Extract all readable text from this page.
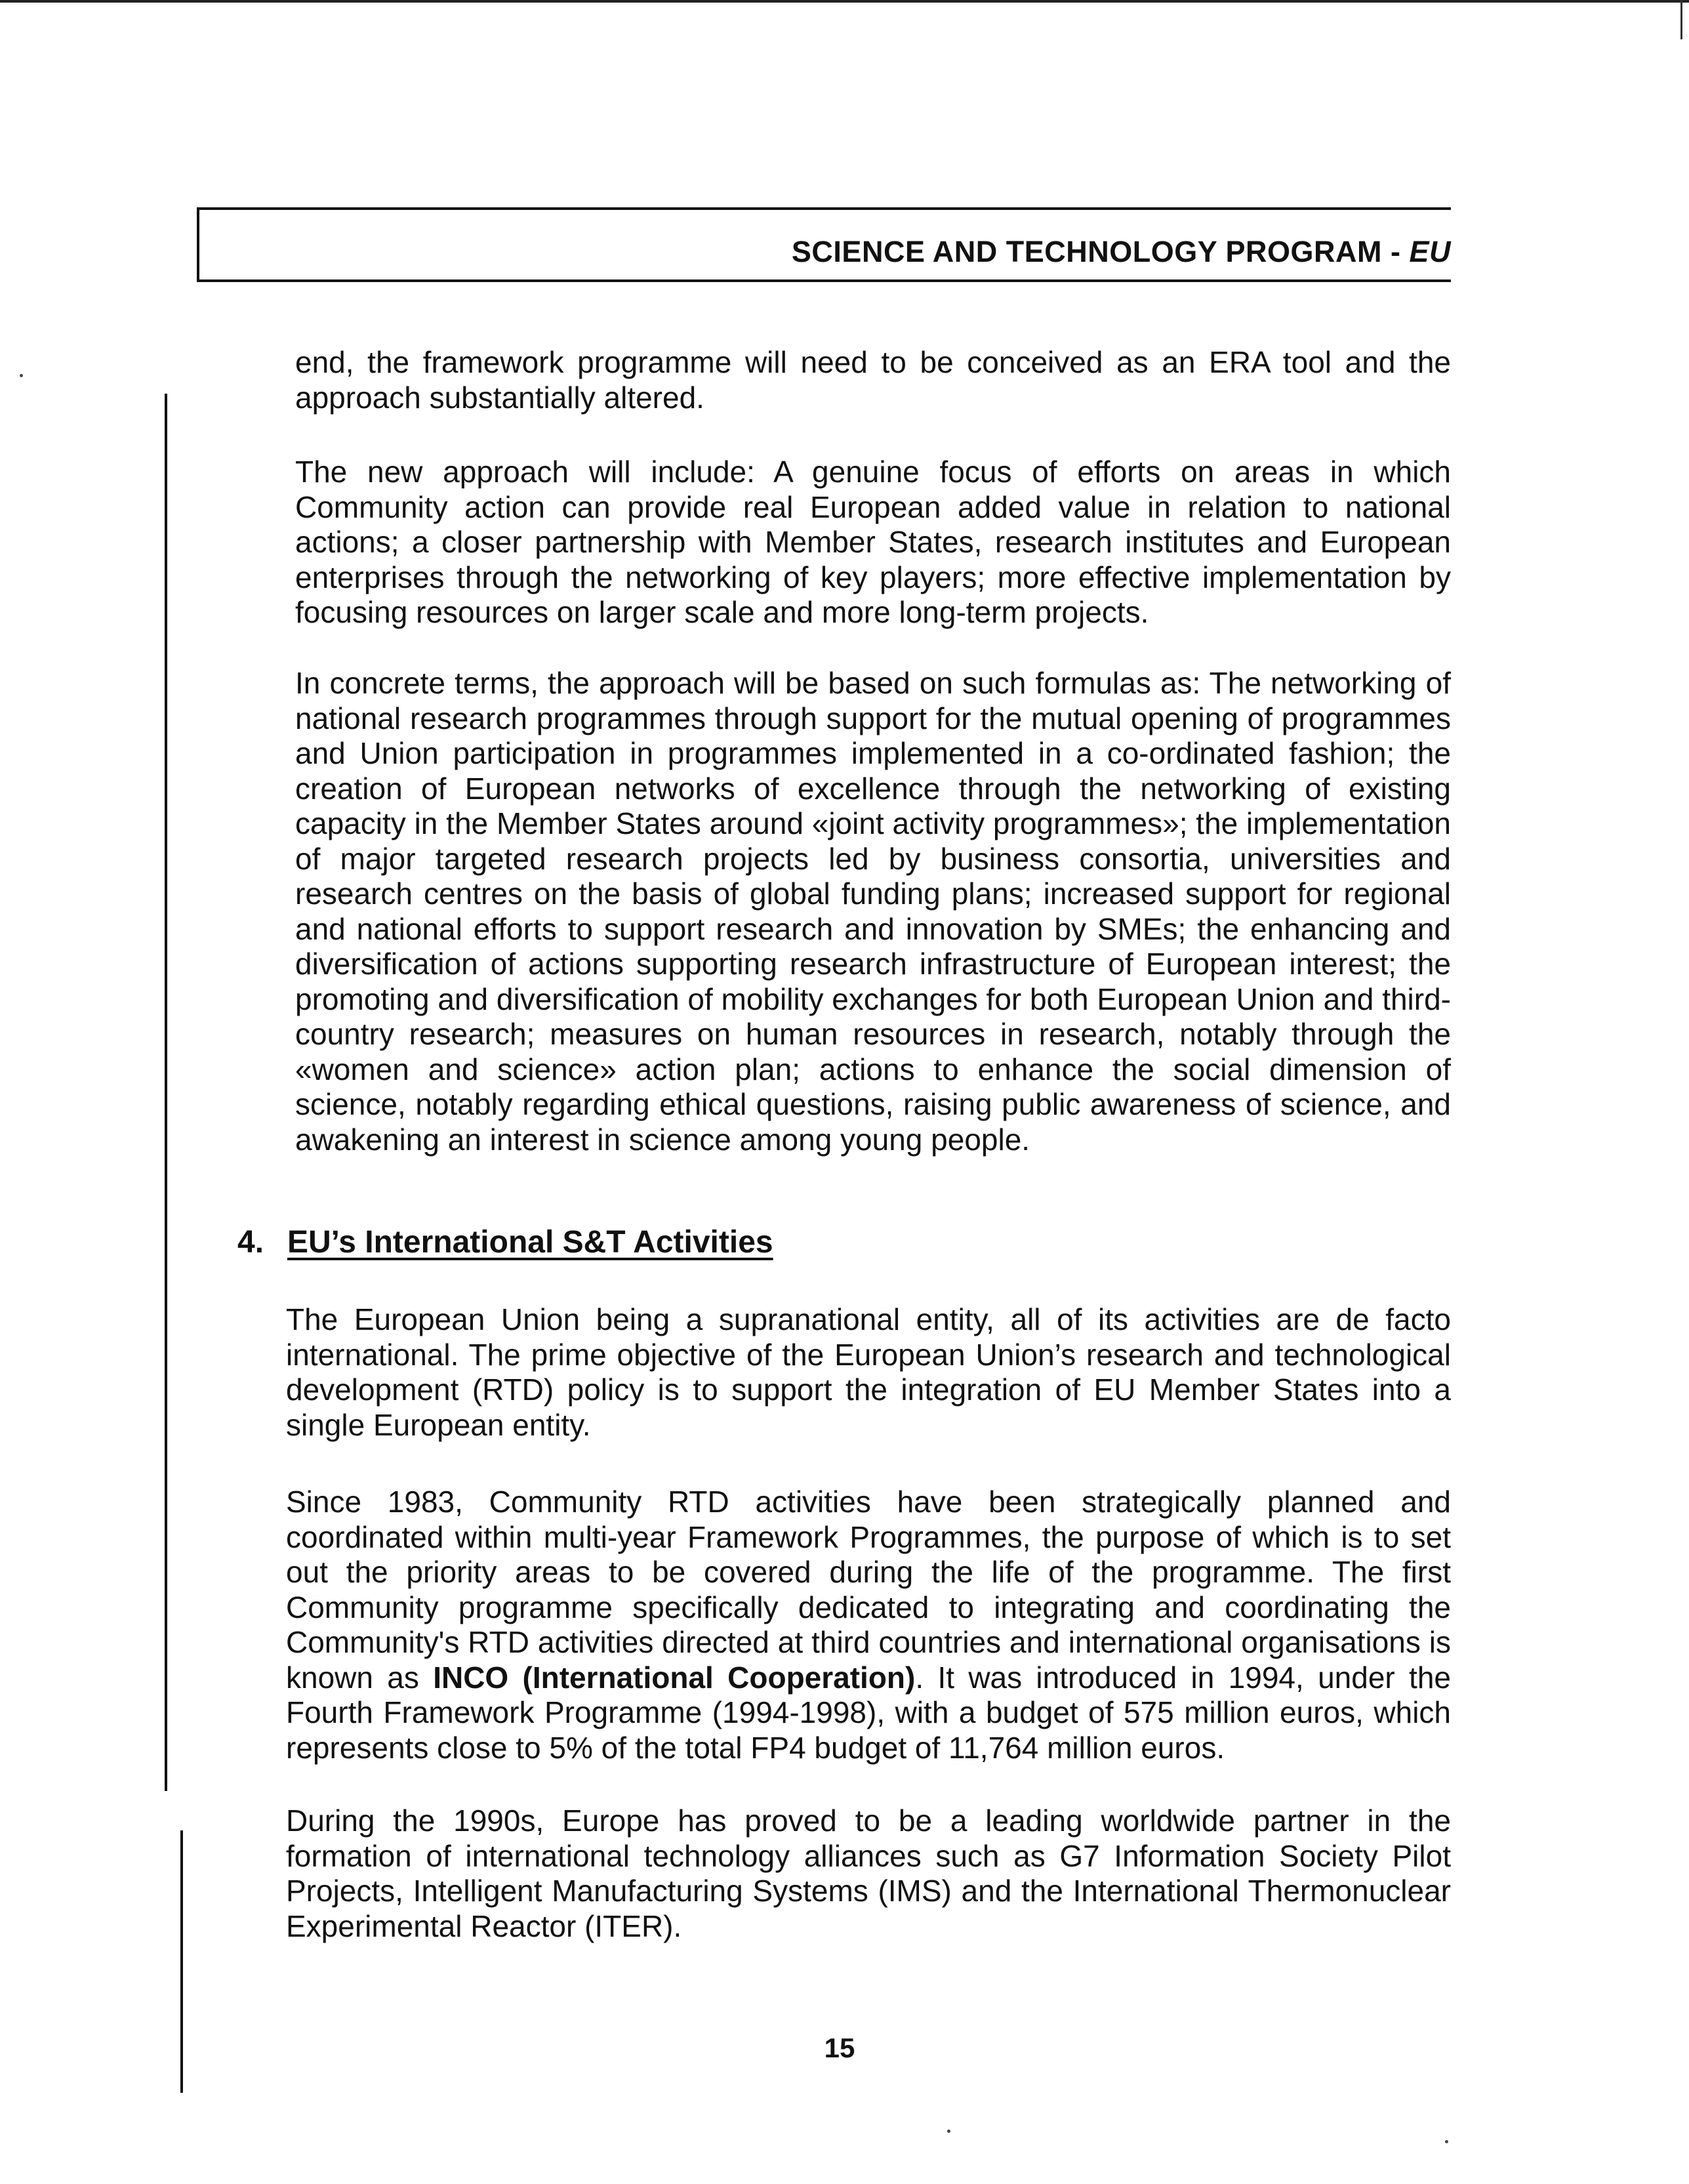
SCIENCE AND TECHNOLOGY PROGRAM - EU

end, the framework programme will need to be conceived as an ERA tool and the approach substantially altered.

The new approach will include: A genuine focus of efforts on areas in which Community action can provide real European added value in relation to national actions; a closer partnership with Member States, research institutes and European enterprises through the networking of key players; more effective implementation by focusing resources on larger scale and more long-term projects.

In concrete terms, the approach will be based on such formulas as: The networking of national research programmes through support for the mutual opening of programmes and Union participation in programmes implemented in a co-ordinated fashion; the creation of European networks of excellence through the networking of existing capacity in the Member States around «joint activity programmes»; the implementation of major targeted research projects led by business consortia, universities and research centres on the basis of global funding plans; increased support for regional and national efforts to support research and innovation by SMEs; the enhancing and diversification of actions supporting research infrastructure of European interest; the promoting and diversification of mobility exchanges for both European Union and third-country research; measures on human resources in research, notably through the «women and science» action plan; actions to enhance the social dimension of science, notably regarding ethical questions, raising public awareness of science, and awakening an interest in science among young people.

4. EU’s International S&T Activities

The European Union being a supranational entity, all of its activities are de facto international. The prime objective of the European Union’s research and technological development (RTD) policy is to support the integration of EU Member States into a single European entity.

Since 1983, Community RTD activities have been strategically planned and coordinated within multi-year Framework Programmes, the purpose of which is to set out the priority areas to be covered during the life of the programme. The first Community programme specifically dedicated to integrating and coordinating the Community's RTD activities directed at third countries and international organisations is known as INCO (International Cooperation). It was introduced in 1994, under the Fourth Framework Programme (1994-1998), with a budget of 575 million euros, which represents close to 5% of the total FP4 budget of 11,764 million euros.

During the 1990s, Europe has proved to be a leading worldwide partner in the formation of international technology alliances such as G7 Information Society Pilot Projects, Intelligent Manufacturing Systems (IMS) and the International Thermonuclear Experimental Reactor (ITER).

15
